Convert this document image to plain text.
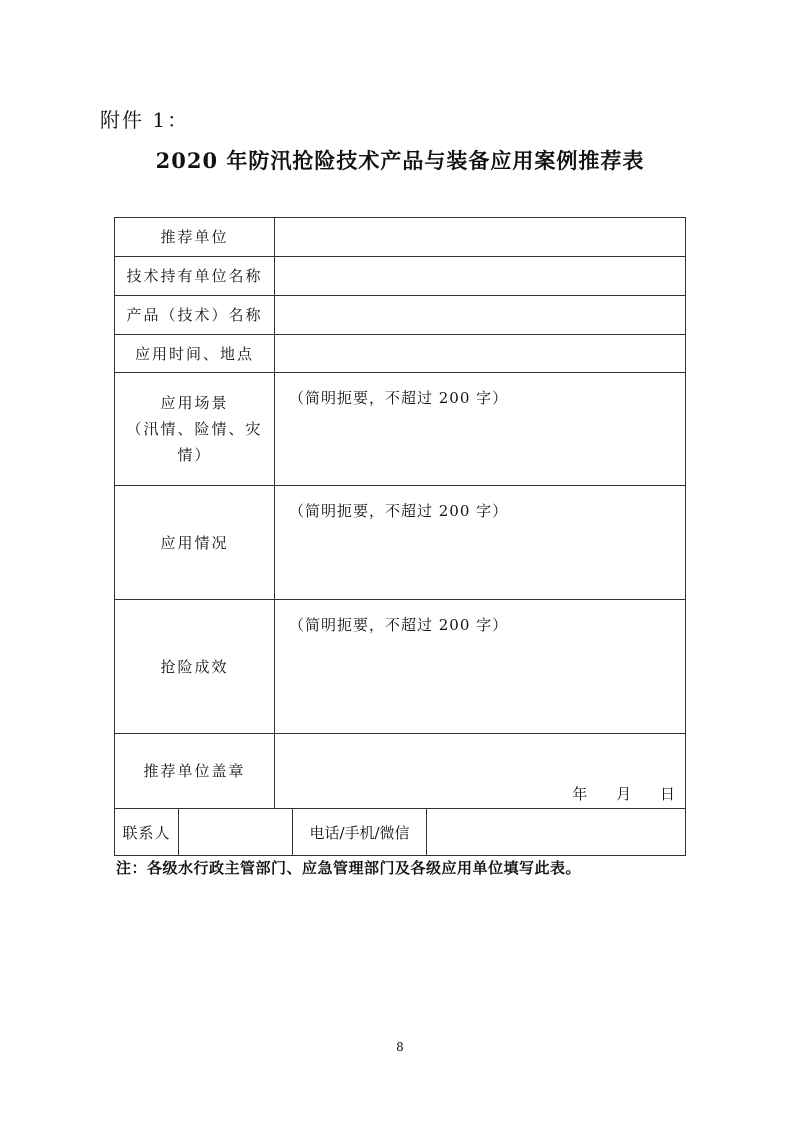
附件 1：
2020 年防汛抢险技术产品与装备应用案例推荐表
推荐单位
技术持有单位名称
产品（技术）名称
应用时间、地点
应用场景
（汛情、险情、灾情）
（简明扼要，不超过 200 字）
应用情况
（简明扼要，不超过 200 字）
抢险成效
（简明扼要，不超过 200 字）
推荐单位盖章
年 月 日
联系人	电话/手机/微信
注：各级水行政主管部门、应急管理部门及各级应用单位填写此表。
8
